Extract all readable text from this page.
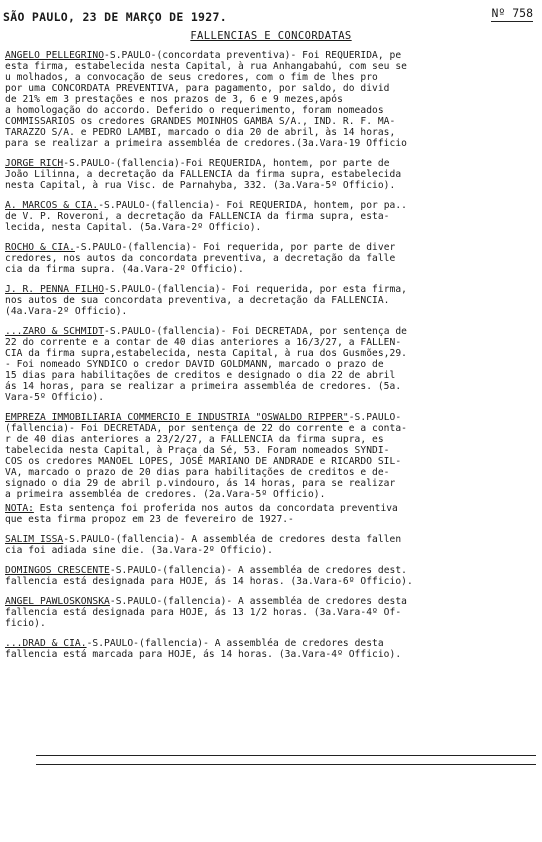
SÃO PAULO, 23 DE MARÇO DE 1927.	Nº 758
FALLENCIAS E CONCORDATAS

ANGELO PELLEGRINO-S.PAULO-(concordata preventiva)- Foi REQUERIDA, pe
esta firma, estabelecida nesta Capital, à rua Anhangabahú, com seu se
u molhados, a convocação de seus credores, com o fim de lhes pro
por uma CONCORDATA PREVENTIVA, para pagamento, por saldo, do divid
de 21% em 3 prestações e nos prazos de 3, 6 e 9 mezes,após
a homologação do accordo. Deferido o requerimento, foram nomeados
COMMISSARIOS os credores GRANDES MOINHOS GAMBA S/A., IND. R. F. MA-
TARAZZO S/A. e PEDRO LAMBI, marcado o dia 20 de abril, às 14 horas,
para se realizar a primeira assembléa de credores.(3a.Vara-19 Officio

JORGE RICH-S.PAULO-(fallencia)-Foi REQUERIDA, hontem, por parte de
João Lilinna, a decretação da FALLENCIA da firma supra, estabelecida
nesta Capital, à rua Visc. de Parnahyba, 332. (3a.Vara-5º Officio).

A. MARCOS & CIA.-S.PAULO-(fallencia)- Foi REQUERIDA, hontem, por pa..
de V. P. Roveroni, a decretação da FALLENCIA da firma supra, esta-
lecida, nesta Capital. (5a.Vara-2º Officio).

ROCHO & CIA.-S.PAULO-(fallencia)- Foi requerida, por parte de diver
credores, nos autos da concordata preventiva, a decretação da falle
cia da firma supra. (4a.Vara-2º Officio).

J. R. PENNA FILHO-S.PAULO-(fallencia)- Foi requerida, por esta firma,
nos autos de sua concordata preventiva, a decretação da FALLENCIA.
(4a.Vara-2º Officio).

...ZARO & SCHMIDT-S.PAULO-(fallencia)- Foi DECRETADA, por sentença de
22 do corrente e a contar de 40 dias anteriores a 16/3/27, a FALLEN-
CIA da firma supra,estabelecida, nesta Capital, à rua dos Gusmões,29.
- Foi nomeado SYNDICO o credor DAVID GOLDMANN, marcado o prazo de
15 dias para habilitações de creditos e designado o dia 22 de abril
ás 14 horas, para se realizar a primeira assembléa de credores. (5a.
Vara-5º Officio).

EMPREZA IMMOBILIARIA COMMERCIO E INDUSTRIA "OSWALDO RIPPER"-S.PAULO-
(fallencia)- Foi DECRETADA, por sentença de 22 do corrente e a conta-
r de 40 dias anteriores a 23/2/27, a FALLENCIA da firma supra, es
tabelecida nesta Capital, à Praça da Sé, 53. Foram nomeados SYNDI-
COS os credores MANOEL LOPES, JOSÉ MARIANO DE ANDRADE e RICARDO SIL-
VA, marcado o prazo de 20 dias para habilitações de creditos e de-
signado o dia 29 de abril p.vindouro, ás 14 horas, para se realizar
a primeira assembléa de credores. (2a.Vara-5º Officio).

NOTA: Esta sentença foi proferida nos autos da concordata preventiva
que esta firma propoz em 23 de fevereiro de 1927.-

SALIM ISSA-S.PAULO-(fallencia)- A assembléa de credores desta fallen
cia foi adiada sine die. (3a.Vara-2º Officio).

DOMINGOS CRESCENTE-S.PAULO-(fallencia)- A assembléa de credores dest.
fallencia está designada para HOJE, ás 14 horas. (3a.Vara-6º Officio).

ANGEL PAWLOSKONSKA-S.PAULO-(fallencia)- A assembléa de credores desta
fallencia está designada para HOJE, ás 13 1/2 horas. (3a.Vara-4º Of-
ficio).

...DRAD & CIA.-S.PAULO-(fallencia)- A assembléa de credores desta
fallencia está marcada para HOJE, ás 14 horas. (3a.Vara-4º Officio).
